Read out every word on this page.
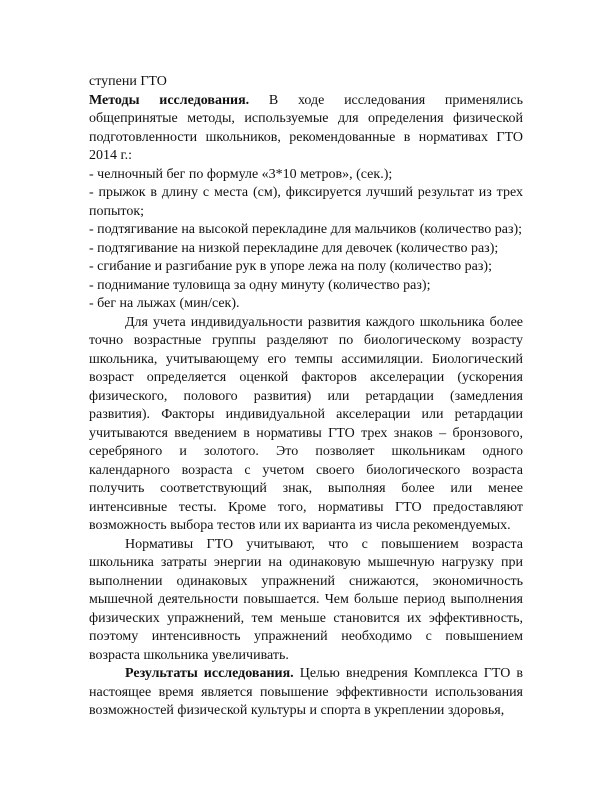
ступени ГТО

Методы исследования. В ходе исследования применялись общепринятые методы, используемые для определения физической подготовленности школьников, рекомендованные в нормативах ГТО 2014 г.:

- челночный бег по формуле «3*10 метров», (сек.);

- прыжок в длину с места (см), фиксируется лучший результат из трех попыток;

- подтягивание на высокой перекладине для мальчиков (количество раз);

- подтягивание на низкой перекладине для девочек (количество раз);

- сгибание и разгибание рук в упоре лежа на полу (количество раз);

- поднимание туловища за одну минуту (количество раз);

- бег на лыжах (мин/сек).

Для учета индивидуальности развития каждого школьника более точно возрастные группы разделяют по биологическому возрасту школьника, учитывающему его темпы ассимиляции. Биологический возраст определяется оценкой факторов акселерации (ускорения физического, полового развития) или ретардации (замедления развития). Факторы индивидуальной акселерации или ретардации учитываются введением в нормативы ГТО трех знаков – бронзового, серебряного и золотого. Это позволяет школьникам одного календарного возраста с учетом своего биологического возраста получить соответствующий знак, выполняя более или менее интенсивные тесты. Кроме того, нормативы ГТО предоставляют возможность выбора тестов или их варианта из числа рекомендуемых.

Нормативы ГТО учитывают, что с повышением возраста школьника затраты энергии на одинаковую мышечную нагрузку при выполнении одинаковых упражнений снижаются, экономичность мышечной деятельности повышается. Чем больше период выполнения физических упражнений, тем меньше становится их эффективность, поэтому интенсивность упражнений необходимо с повышением возраста школьника увеличивать.

Результаты исследования. Целью внедрения Комплекса ГТО в настоящее время является повышение эффективности использования возможностей физической культуры и спорта в укреплении здоровья,
